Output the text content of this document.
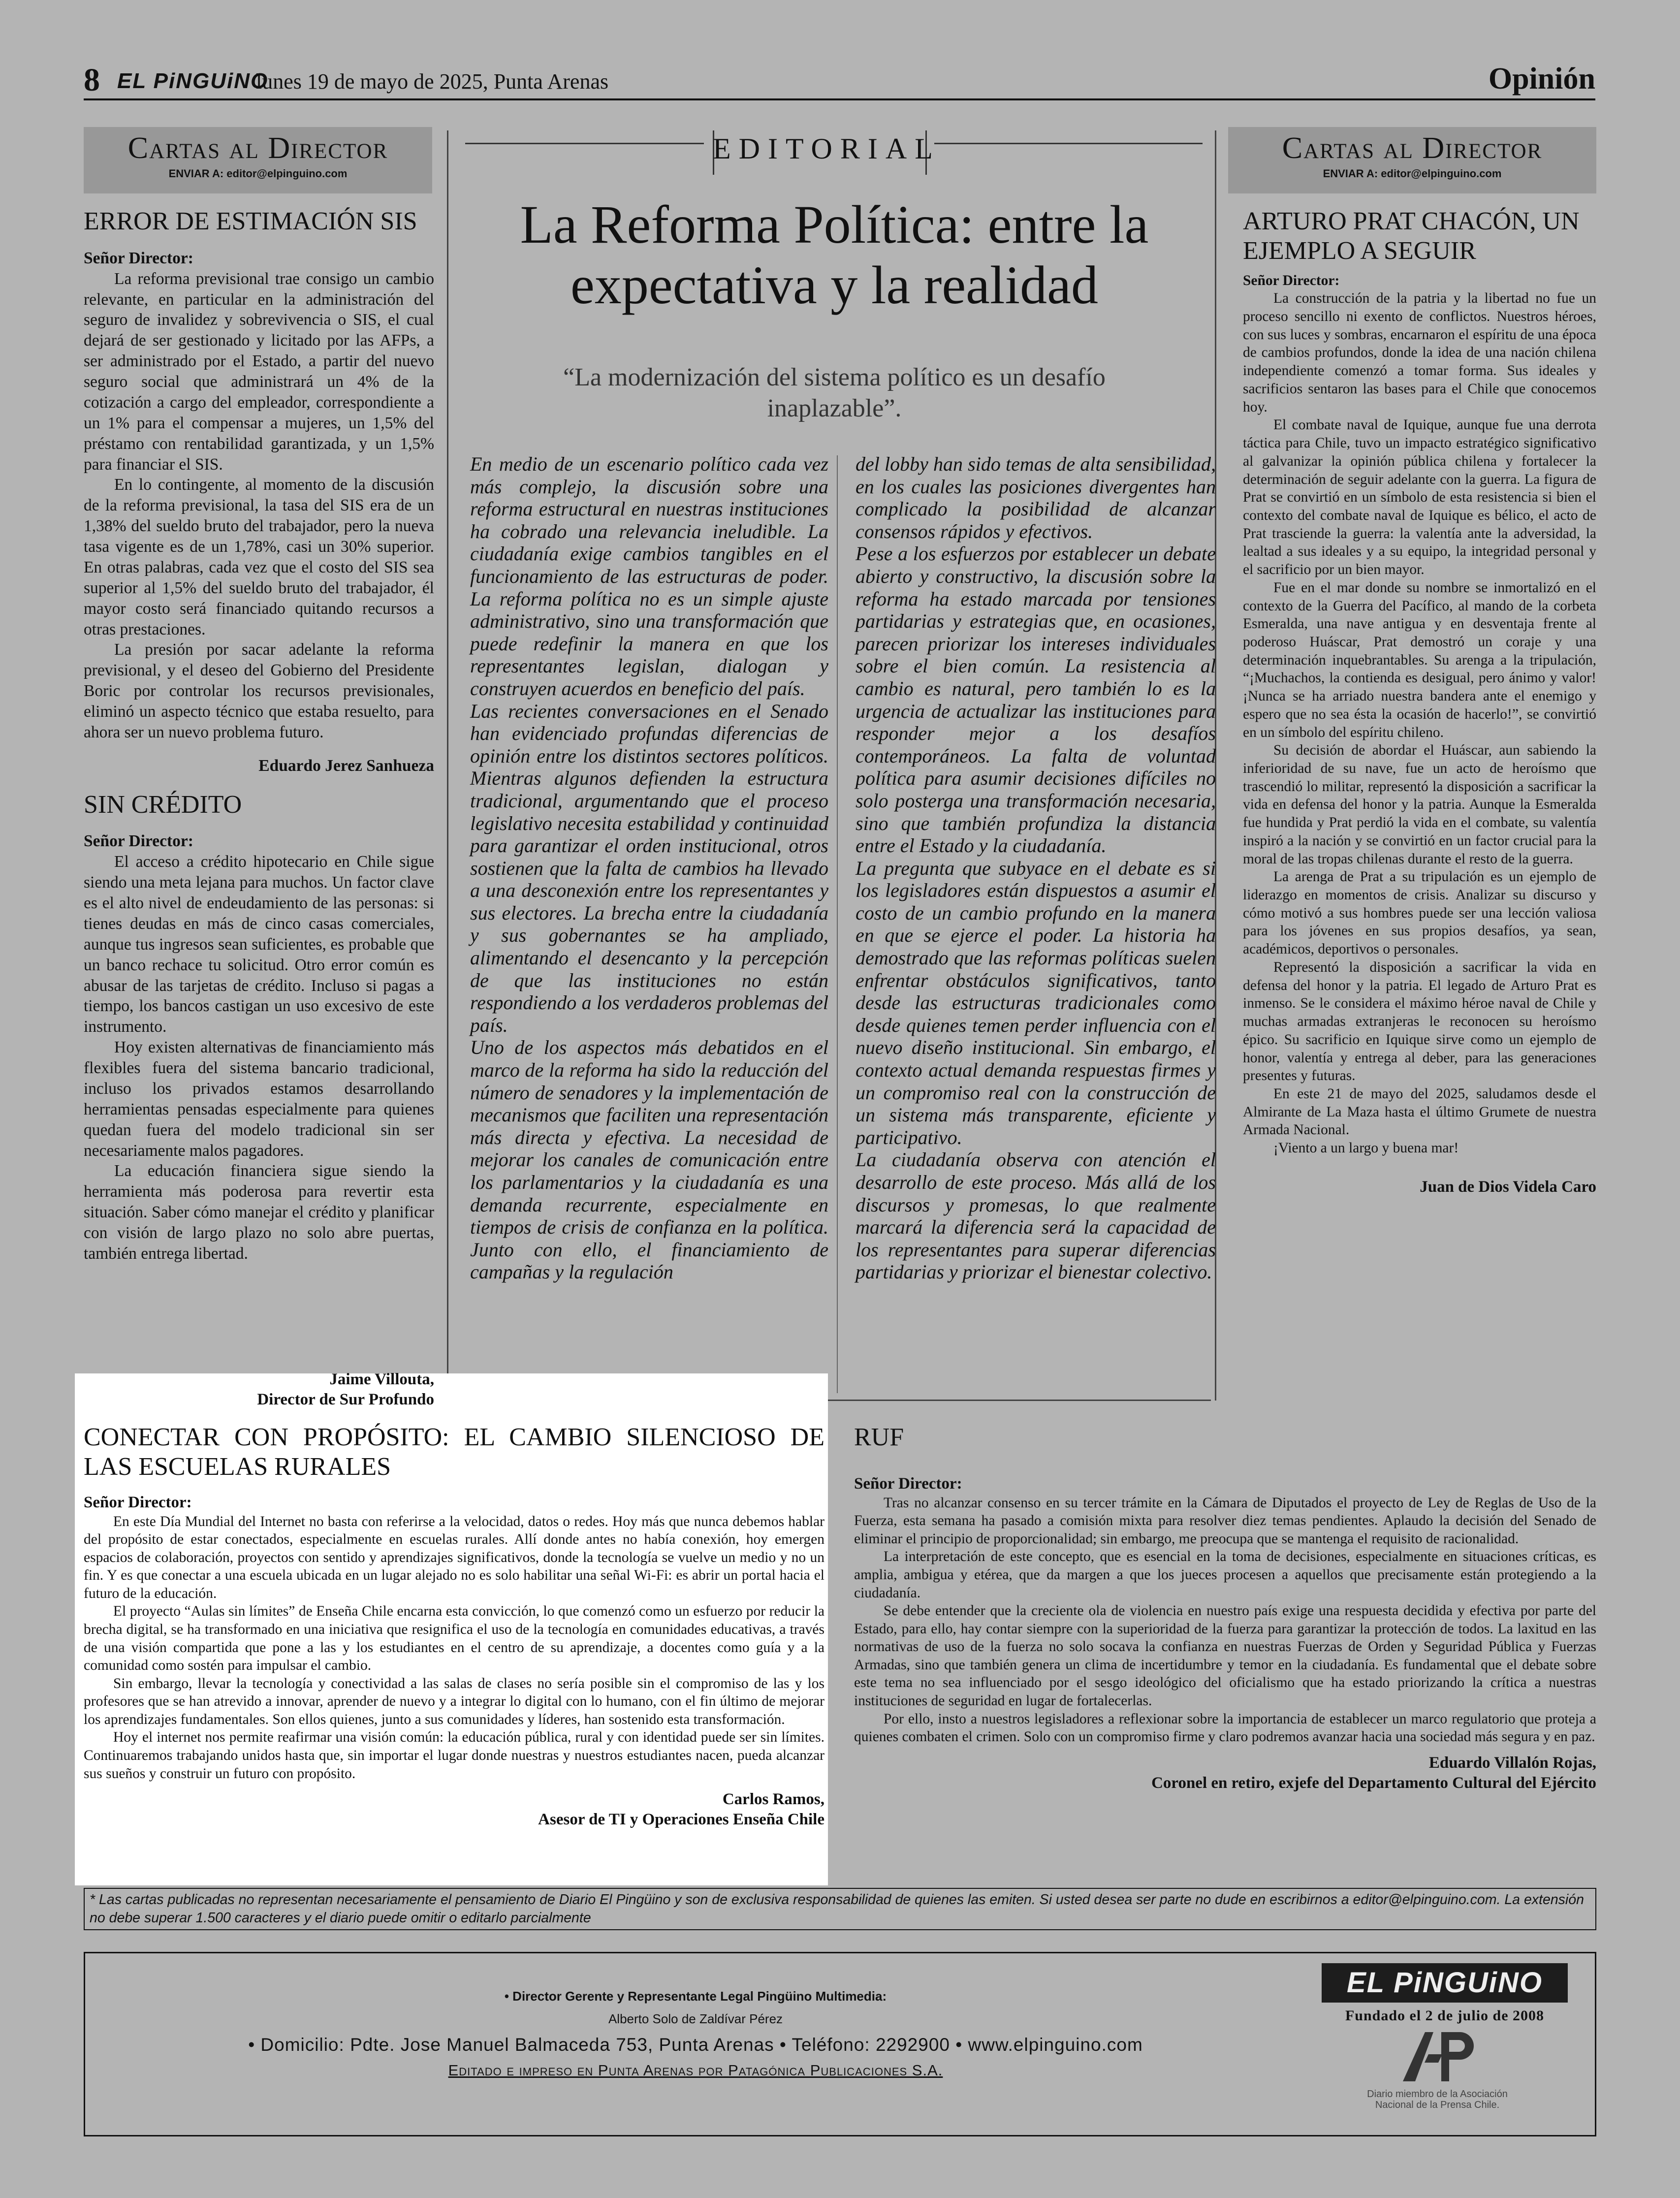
8 EL PiNGUiNO
lunes 19 de mayo de 2025, Punta Arenas	Opinión
Cartas al Director
ENVIAR A: editor@elpinguino.com
ERROR DE ESTIMACIÓN SIS

Señor Director:

La reforma previsional trae consigo un cambio relevante, en particular en la administración del seguro de invalidez y sobrevivencia o SIS, el cual dejará de ser gestionado y licitado por las AFPs, a ser administrado por el Estado, a partir del nuevo seguro social que administrará un 4% de la cotización a cargo del empleador, correspondiente a un 1% para el compensar a mujeres, un 1,5% del préstamo con rentabilidad garantizada, y un 1,5% para financiar el SIS.

En lo contingente, al momento de la discusión de la reforma previsional, la tasa del SIS era de un 1,38% del sueldo bruto del trabajador, pero la nueva tasa vigente es de un 1,78%, casi un 30% superior. En otras palabras, cada vez que el costo del SIS sea superior al 1,5% del sueldo bruto del trabajador, él mayor costo será financiado quitando recursos a otras prestaciones.

La presión por sacar adelante la reforma previsional, y el deseo del Gobierno del Presidente Boric por controlar los recursos previsionales, eliminó un aspecto técnico que estaba resuelto, para ahora ser un nuevo problema futuro.

Eduardo Jerez Sanhueza

SIN CRÉDITO

Señor Director:

El acceso a crédito hipotecario en Chile sigue siendo una meta lejana para muchos. Un factor clave es el alto nivel de endeudamiento de las personas: si tienes deudas en más de cinco casas comerciales, aunque tus ingresos sean suficientes, es probable que un banco rechace tu solicitud. Otro error común es abusar de las tarjetas de crédito. Incluso si pagas a tiempo, los bancos castigan un uso excesivo de este instrumento.

Hoy existen alternativas de financiamiento más flexibles fuera del sistema bancario tradicional, incluso los privados estamos desarrollando herramientas pensadas especialmente para quienes quedan fuera del modelo tradicional sin ser necesariamente malos pagadores.

La educación financiera sigue siendo la herramienta más poderosa para revertir esta situación. Saber cómo manejar el crédito y planificar con visión de largo plazo no solo abre puertas, también entrega libertad.

Cartas al Director
ENVIAR A: editor@elpinguino.com
ARTURO PRAT CHACÓN, UN EJEMPLO A SEGUIR

Señor Director:

La construcción de la patria y la libertad no fue un proceso sencillo ni exento de conflictos. Nuestros héroes, con sus luces y sombras, encarnaron el espíritu de una época de cambios profundos, donde la idea de una nación chilena independiente comenzó a tomar forma. Sus ideales y sacrificios sentaron las bases para el Chile que conocemos hoy.

El combate naval de Iquique, aunque fue una derrota táctica para Chile, tuvo un impacto estratégico significativo al galvanizar la opinión pública chilena y fortalecer la determinación de seguir adelante con la guerra. La figura de Prat se convirtió en un símbolo de esta resistencia si bien el contexto del combate naval de Iquique es bélico, el acto de Prat trasciende la guerra: la valentía ante la adversidad, la lealtad a sus ideales y a su equipo, la integridad personal y el sacrificio por un bien mayor.

Fue en el mar donde su nombre se inmortalizó en el contexto de la Guerra del Pacífico, al mando de la corbeta Esmeralda, una nave antigua y en desventaja frente al poderoso Huáscar, Prat demostró un coraje y una determinación inquebrantables. Su arenga a la tripulación, “¡Muchachos, la contienda es desigual, pero ánimo y valor! ¡Nunca se ha arriado nuestra bandera ante el enemigo y espero que no sea ésta la ocasión de hacerlo!”, se convirtió en un símbolo del espíritu chileno.

Su decisión de abordar el Huáscar, aun sabiendo la inferioridad de su nave, fue un acto de heroísmo que trascendió lo militar, representó la disposición a sacrificar la vida en defensa del honor y la patria. Aunque la Esmeralda fue hundida y Prat perdió la vida en el combate, su valentía inspiró a la nación y se convirtió en un factor crucial para la moral de las tropas chilenas durante el resto de la guerra.

La arenga de Prat a su tripulación es un ejemplo de liderazgo en momentos de crisis. Analizar su discurso y cómo motivó a sus hombres puede ser una lección valiosa para los jóvenes en sus propios desafíos, ya sean, académicos, deportivos o personales.

Representó la disposición a sacrificar la vida en defensa del honor y la patria. El legado de Arturo Prat es inmenso. Se le considera el máximo héroe naval de Chile y muchas armadas extranjeras le reconocen su heroísmo épico. Su sacrificio en Iquique sirve como un ejemplo de honor, valentía y entrega al deber, para las generaciones presentes y futuras.

En este 21 de mayo del 2025, saludamos desde el Almirante de La Maza hasta el último Grumete de nuestra Armada Nacional.

¡Viento a un largo y buena mar!

Juan de Dios Videla Caro

EDITORIAL
La Reforma Política: entre la expectativa y la realidad
“La modernización del sistema político es un desafío inaplazable”.

En medio de un escenario político cada vez más complejo, la discusión sobre una reforma estructural en nuestras instituciones ha cobrado una relevancia ineludible. La ciudadanía exige cambios tangibles en el funcionamiento de las estructuras de poder. La reforma política no es un simple ajuste administrativo, sino una transformación que puede redefinir la manera en que los representantes legislan, dialogan y construyen acuerdos en beneficio del país.

Las recientes conversaciones en el Senado han evidenciado profundas diferencias de opinión entre los distintos sectores políticos. Mientras algunos defienden la estructura tradicional, argumentando que el proceso legislativo necesita estabilidad y continuidad para garantizar el orden institucional, otros sostienen que la falta de cambios ha llevado a una desconexión entre los representantes y sus electores. La brecha entre la ciudadanía y sus gobernantes se ha ampliado, alimentando el desencanto y la percepción de que las instituciones no están respondiendo a los verdaderos problemas del país.

Uno de los aspectos más debatidos en el marco de la reforma ha sido la reducción del número de senadores y la implementación de mecanismos que faciliten una representación más directa y efectiva. La necesidad de mejorar los canales de comunicación entre los parlamentarios y la ciudadanía es una demanda recurrente, especialmente en tiempos de crisis de confianza en la política. Junto con ello, el financiamiento de campañas y la regulación

del lobby han sido temas de alta sensibilidad, en los cuales las posiciones divergentes han complicado la posibilidad de alcanzar consensos rápidos y efectivos.

Pese a los esfuerzos por establecer un debate abierto y constructivo, la discusión sobre la reforma ha estado marcada por tensiones partidarias y estrategias que, en ocasiones, parecen priorizar los intereses individuales sobre el bien común. La resistencia al cambio es natural, pero también lo es la urgencia de actualizar las instituciones para responder mejor a los desafíos contemporáneos. La falta de voluntad política para asumir decisiones difíciles no solo posterga una transformación necesaria, sino que también profundiza la distancia entre el Estado y la ciudadanía.

La pregunta que subyace en el debate es si los legisladores están dispuestos a asumir el costo de un cambio profundo en la manera en que se ejerce el poder. La historia ha demostrado que las reformas políticas suelen enfrentar obstáculos significativos, tanto desde las estructuras tradicionales como desde quienes temen perder influencia con el nuevo diseño institucional. Sin embargo, el contexto actual demanda respuestas firmes y un compromiso real con la construcción de un sistema más transparente, eficiente y participativo.

La ciudadanía observa con atención el desarrollo de este proceso. Más allá de los discursos y promesas, lo que realmente marcará la diferencia será la capacidad de los representantes para superar diferencias partidarias y priorizar el bienestar colectivo.

Jaime Villouta,
Director de Sur Profundo
CONECTAR CON PROPÓSITO: EL CAMBIO SILENCIOSO DE LAS ESCUELAS RURALES

Señor Director:

En este Día Mundial del Internet no basta con referirse a la velocidad, datos o redes. Hoy más que nunca debemos hablar del propósito de estar conectados, especialmente en escuelas rurales. Allí donde antes no había conexión, hoy emergen espacios de colaboración, proyectos con sentido y aprendizajes significativos, donde la tecnología se vuelve un medio y no un fin. Y es que conectar a una escuela ubicada en un lugar alejado no es solo habilitar una señal Wi-Fi: es abrir un portal hacia el futuro de la educación.

El proyecto “Aulas sin límites” de Enseña Chile encarna esta convicción, lo que comenzó como un esfuerzo por reducir la brecha digital, se ha transformado en una iniciativa que resignifica el uso de la tecnología en comunidades educativas, a través de una visión compartida que pone a las y los estudiantes en el centro de su aprendizaje, a docentes como guía y a la comunidad como sostén para impulsar el cambio.

Sin embargo, llevar la tecnología y conectividad a las salas de clases no sería posible sin el compromiso de las y los profesores que se han atrevido a innovar, aprender de nuevo y a integrar lo digital con lo humano, con el fin último de mejorar los aprendizajes fundamentales. Son ellos quienes, junto a sus comunidades y líderes, han sostenido esta transformación.

Hoy el internet nos permite reafirmar una visión común: la educación pública, rural y con identidad puede ser sin límites. Continuaremos trabajando unidos hasta que, sin importar el lugar donde nuestras y nuestros estudiantes nacen, pueda alcanzar sus sueños y construir un futuro con propósito.

Carlos Ramos,

Asesor de TI y Operaciones Enseña Chile

RUF

Señor Director:

Tras no alcanzar consenso en su tercer trámite en la Cámara de Diputados el proyecto de Ley de Reglas de Uso de la Fuerza, esta semana ha pasado a comisión mixta para resolver diez temas pendientes. Aplaudo la decisión del Senado de eliminar el principio de proporcionalidad; sin embargo, me preocupa que se mantenga el requisito de racionalidad.

La interpretación de este concepto, que es esencial en la toma de decisiones, especialmente en situaciones críticas, es amplia, ambigua y etérea, que da margen a que los jueces procesen a aquellos que precisamente están protegiendo a la ciudadanía.

Se debe entender que la creciente ola de violencia en nuestro país exige una respuesta decidida y efectiva por parte del Estado, para ello, hay contar siempre con la superioridad de la fuerza para garantizar la protección de todos. La laxitud en las normativas de uso de la fuerza no solo socava la confianza en nuestras Fuerzas de Orden y Seguridad Pública y Fuerzas Armadas, sino que también genera un clima de incertidumbre y temor en la ciudadanía. Es fundamental que el debate sobre este tema no sea influenciado por el sesgo ideológico del oficialismo que ha estado priorizando la crítica a nuestras instituciones de seguridad en lugar de fortalecerlas.

Por ello, insto a nuestros legisladores a reflexionar sobre la importancia de establecer un marco regulatorio que proteja a quienes combaten el crimen. Solo con un compromiso firme y claro podremos avanzar hacia una sociedad más segura y en paz.

Eduardo Villalón Rojas,

Coronel en retiro, exjefe del Departamento Cultural del Ejército

* Las cartas publicadas no representan necesariamente el pensamiento de Diario El Pingüino y son de exclusiva responsabilidad de quienes las emiten. Si usted desea ser parte no dude en escribirnos a editor@elpinguino.com. La extensión no debe superar 1.500 caracteres y el diario puede omitir o editarlo parcialmente
• Director Gerente y Representante Legal Pingüino Multimedia:
Alberto Solo de Zaldívar Pérez
• Domicilio: Pdte. Jose Manuel Balmaceda 753, Punta Arenas • Teléfono: 2292900 • www.elpinguino.com
Editado e impreso en Punta Arenas por Patagónica Publicaciones S.A.
EL PiNGUiNO
Fundado el 2 de julio de 2008
Diario miembro de la Asociación Nacional de la Prensa Chile.
